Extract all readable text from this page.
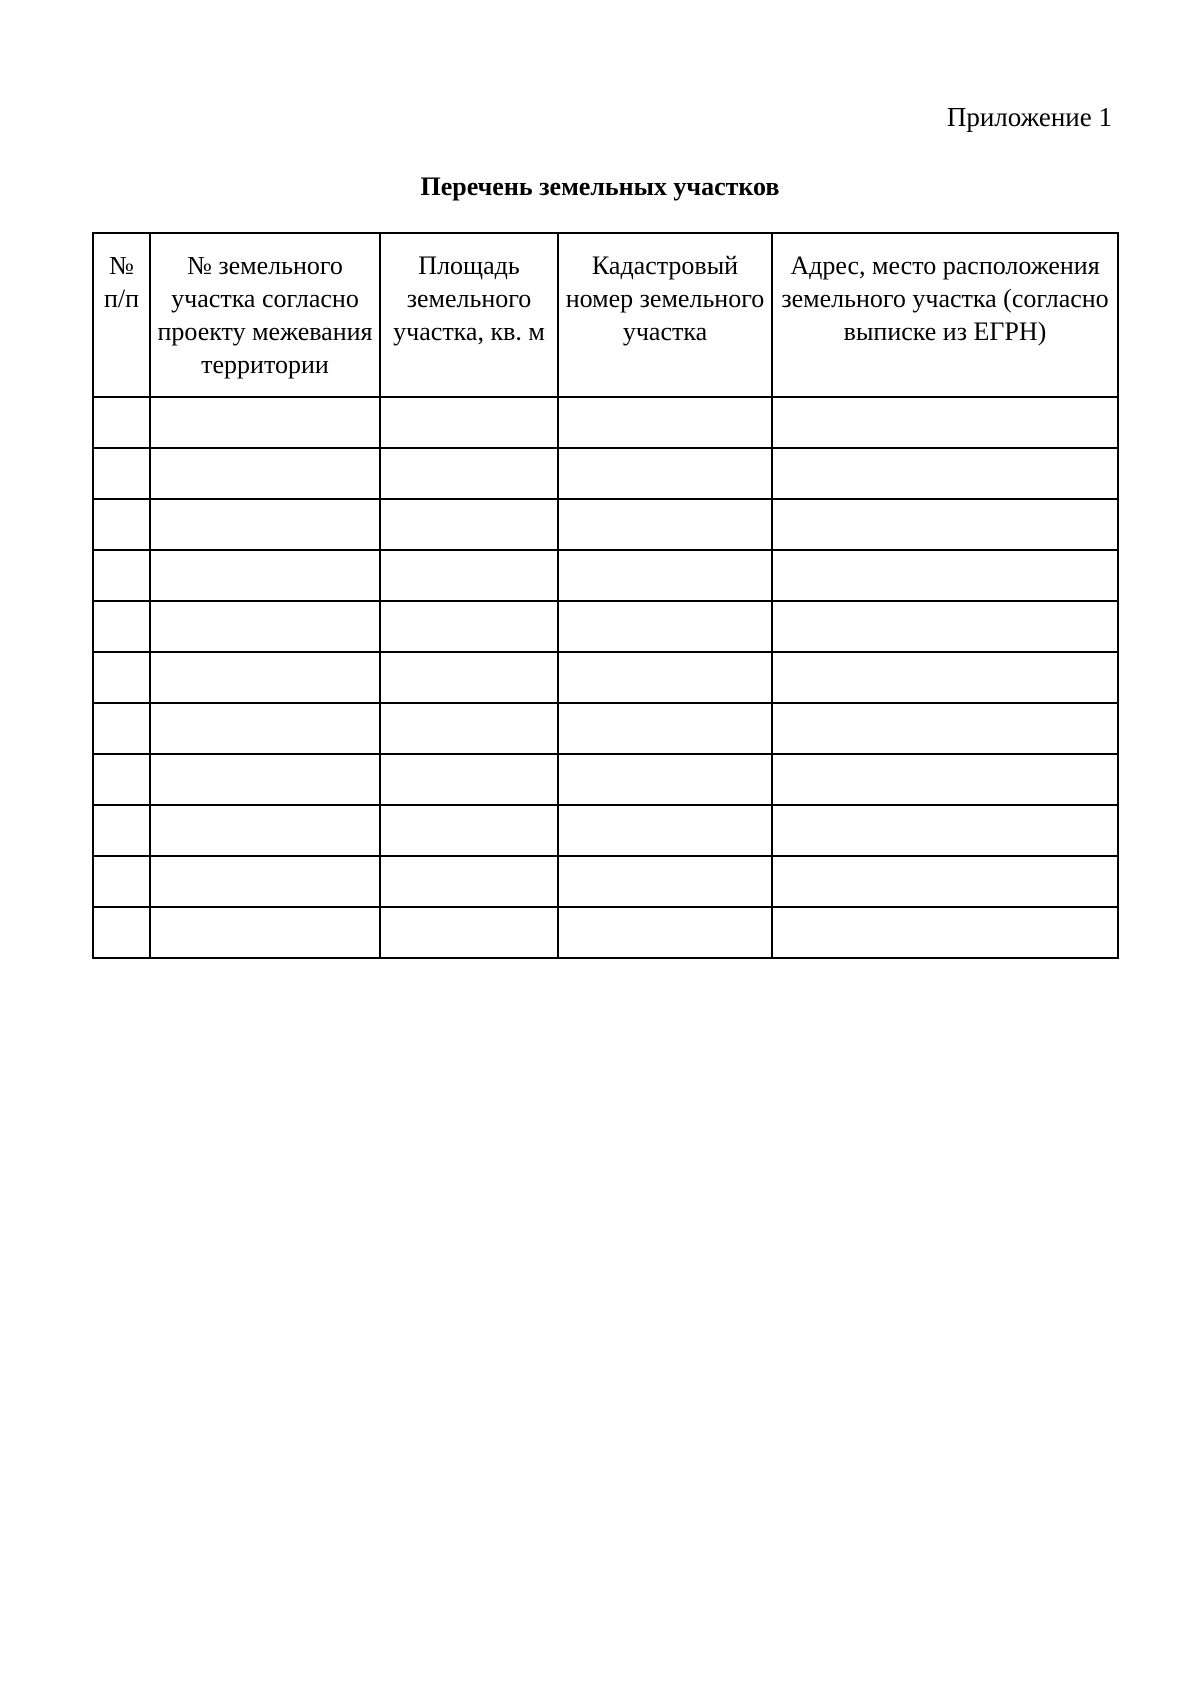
Приложение 1
Перечень земельных участков
№ п/п	№ земельного участка согласно проекту межевания территории	Площадь земельного участка, кв. м	Кадастровый номер земельного участка	Адрес, место расположения земельного участка (согласно выписке из ЕГРН)
